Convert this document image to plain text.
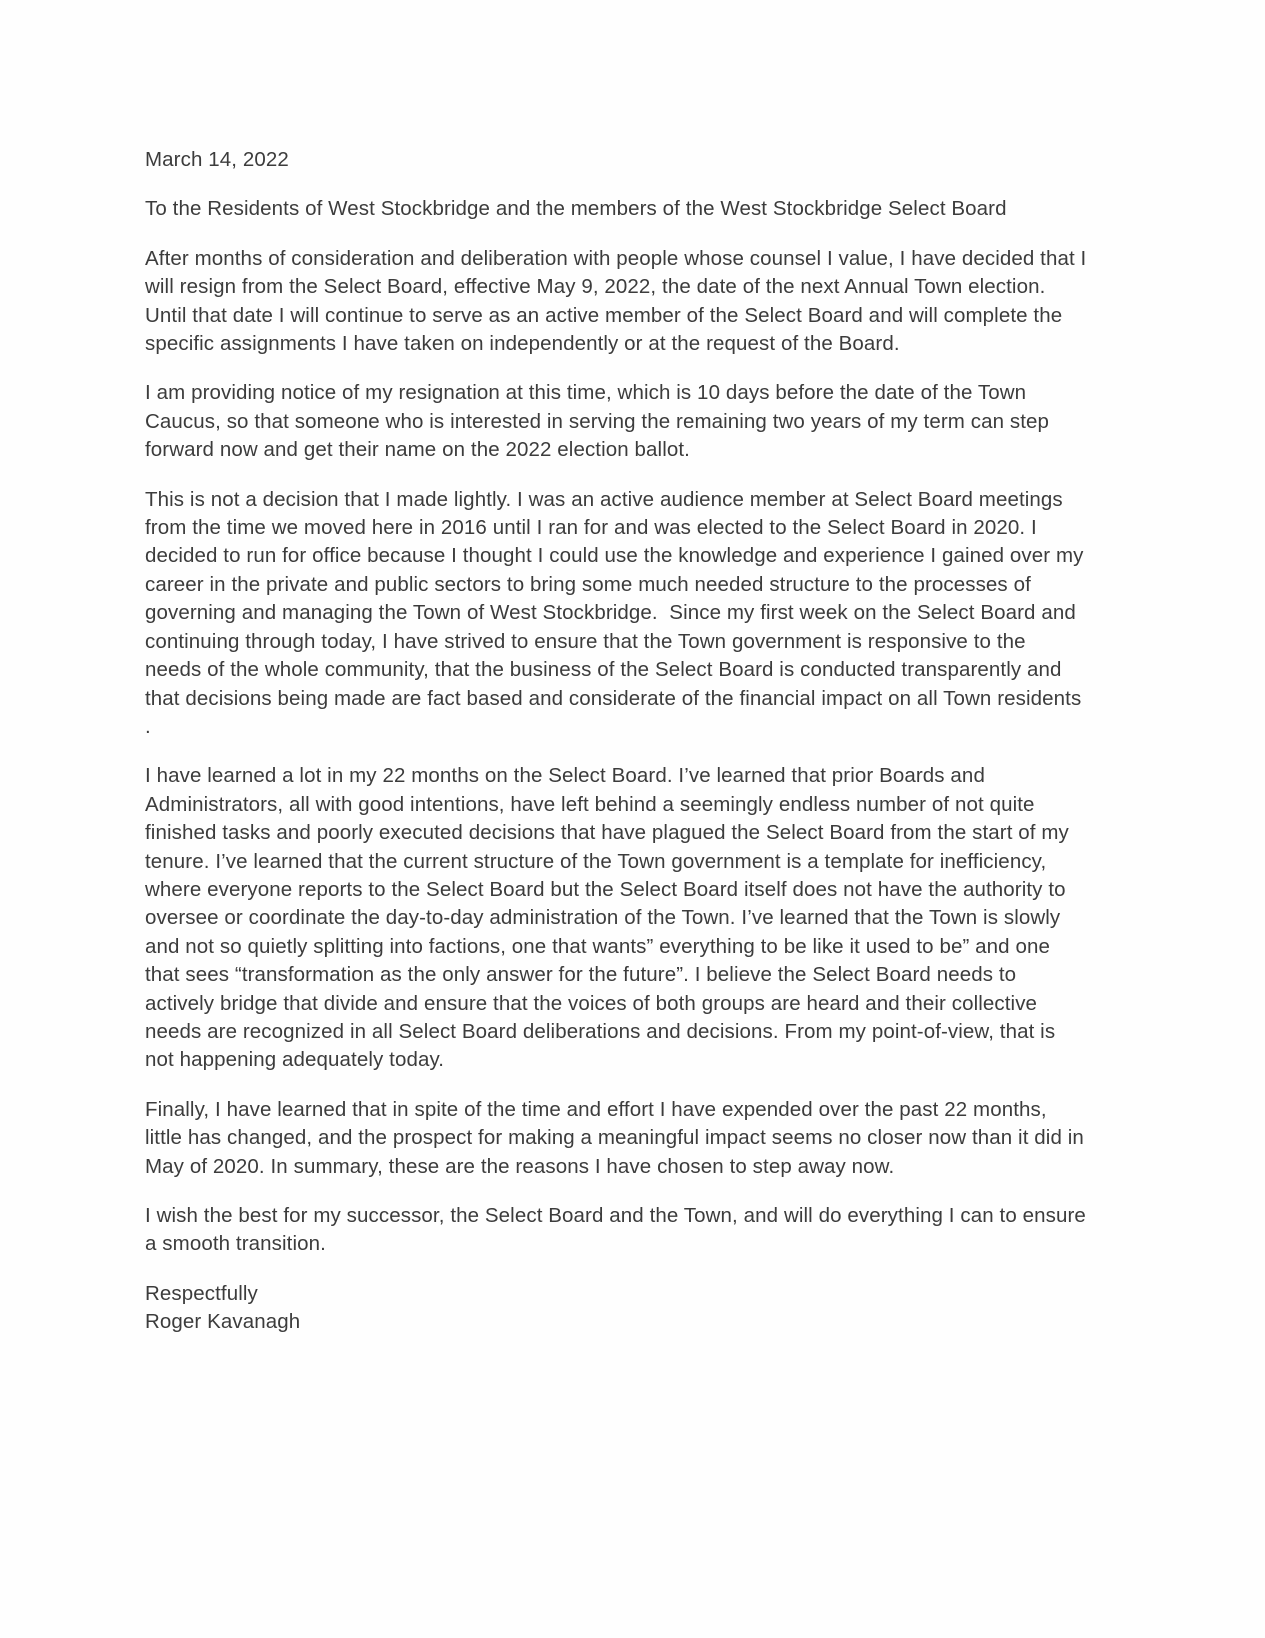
March 14, 2022

To the Residents of West Stockbridge and the members of the West Stockbridge Select Board

After months of consideration and deliberation with people whose counsel I value, I have decided that I will resign from the Select Board, effective May 9, 2022, the date of the next Annual Town election. Until that date I will continue to serve as an active member of the Select Board and will complete the specific assignments I have taken on independently or at the request of the Board.

I am providing notice of my resignation at this time, which is 10 days before the date of the Town Caucus, so that someone who is interested in serving the remaining two years of my term can step forward now and get their name on the 2022 election ballot.

This is not a decision that I made lightly. I was an active audience member at Select Board meetings from the time we moved here in 2016 until I ran for and was elected to the Select Board in 2020. I decided to run for office because I thought I could use the knowledge and experience I gained over my career in the private and public sectors to bring some much needed structure to the processes of governing and managing the Town of West Stockbridge.  Since my first week on the Select Board and continuing through today, I have strived to ensure that the Town government is responsive to the needs of the whole community, that the business of the Select Board is conducted transparently and that decisions being made are fact based and considerate of the financial impact on all Town residents .

I have learned a lot in my 22 months on the Select Board. I’ve learned that prior Boards and Administrators, all with good intentions, have left behind a seemingly endless number of not quite finished tasks and poorly executed decisions that have plagued the Select Board from the start of my tenure. I’ve learned that the current structure of the Town government is a template for inefficiency, where everyone reports to the Select Board but the Select Board itself does not have the authority to oversee or coordinate the day-to-day administration of the Town. I’ve learned that the Town is slowly and not so quietly splitting into factions, one that wants” everything to be like it used to be” and one that sees “transformation as the only answer for the future”. I believe the Select Board needs to actively bridge that divide and ensure that the voices of both groups are heard and their collective needs are recognized in all Select Board deliberations and decisions. From my point-of-view, that is not happening adequately today.

Finally, I have learned that in spite of the time and effort I have expended over the past 22 months, little has changed, and the prospect for making a meaningful impact seems no closer now than it did in May of 2020. In summary, these are the reasons I have chosen to step away now.

I wish the best for my successor, the Select Board and the Town, and will do everything I can to ensure a smooth transition.

Respectfully

Roger Kavanagh
